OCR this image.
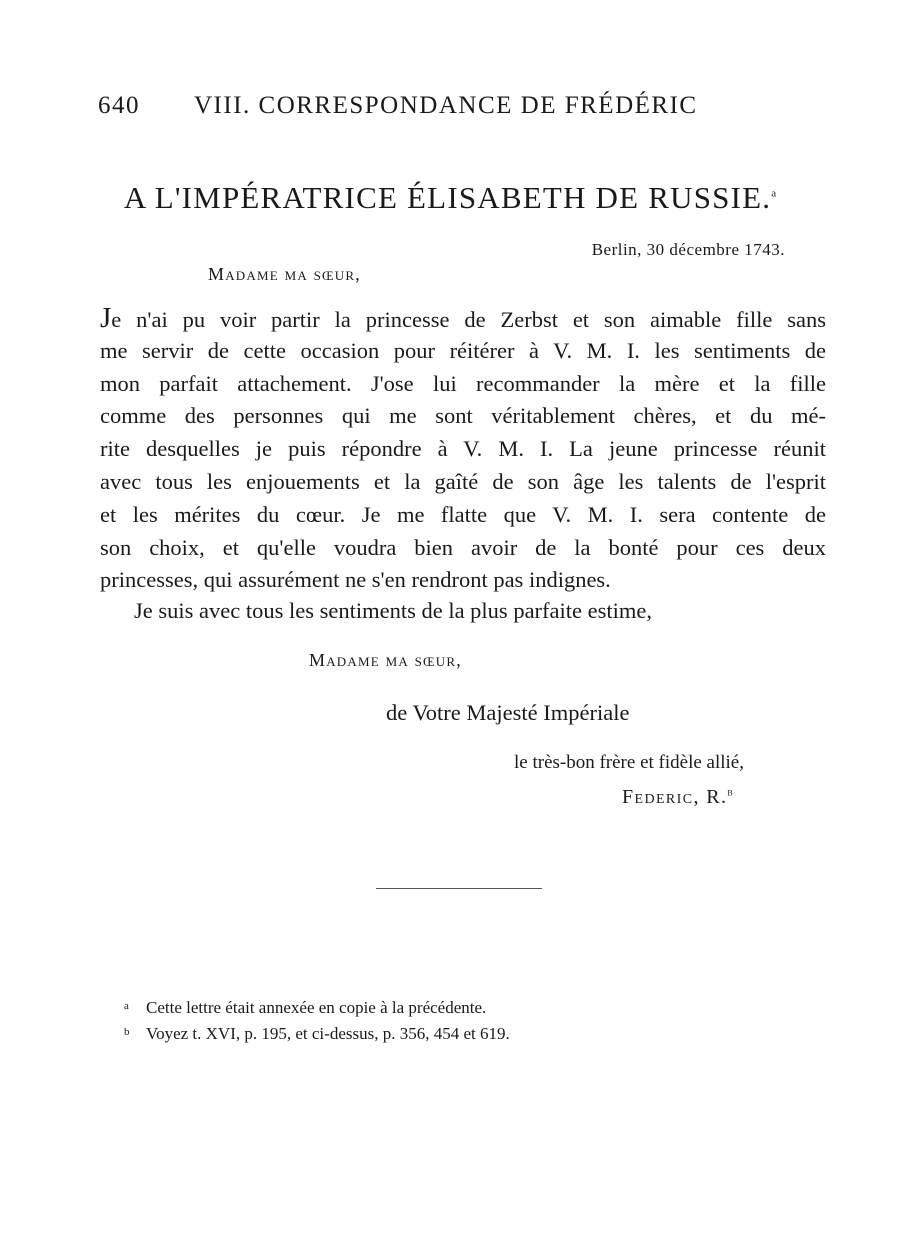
640 VIII. CORRESPONDANCE DE FRÉDÉRIC
A L'IMPÉRATRICE ÉLISABETH DE RUSSIE.$^a$
Berlin, 30 décembre 1743.
Madame ma sœur,
Je n'ai pu voir partir la princesse de Zerbst et son aimable fille sans
me servir de cette occasion pour réitérer à V. M. I. les sentiments de
mon parfait attachement. J'ose lui recommander la mère et la fille
comme des personnes qui me sont véritablement chères, et du mé-
rite desquelles je puis répondre à V. M. I. La jeune princesse réunit
avec tous les enjouements et la gaîté de son âge les talents de l'esprit
et les mérites du cœur. Je me flatte que V. M. I. sera contente de
son choix, et qu'elle voudra bien avoir de la bonté pour ces deux
princesses, qui assurément ne s'en rendront pas indignes.
Je suis avec tous les sentiments de la plus parfaite estime,
Madame ma sœur,
de Votre Majesté Impériale
le très-bon frère et fidèle allié,
Federic, R.$^b$
a Cette lettre était annexée en copie à la précédente.
b Voyez t. XVI, p. 195, et ci-dessus, p. 356, 454 et 619.
